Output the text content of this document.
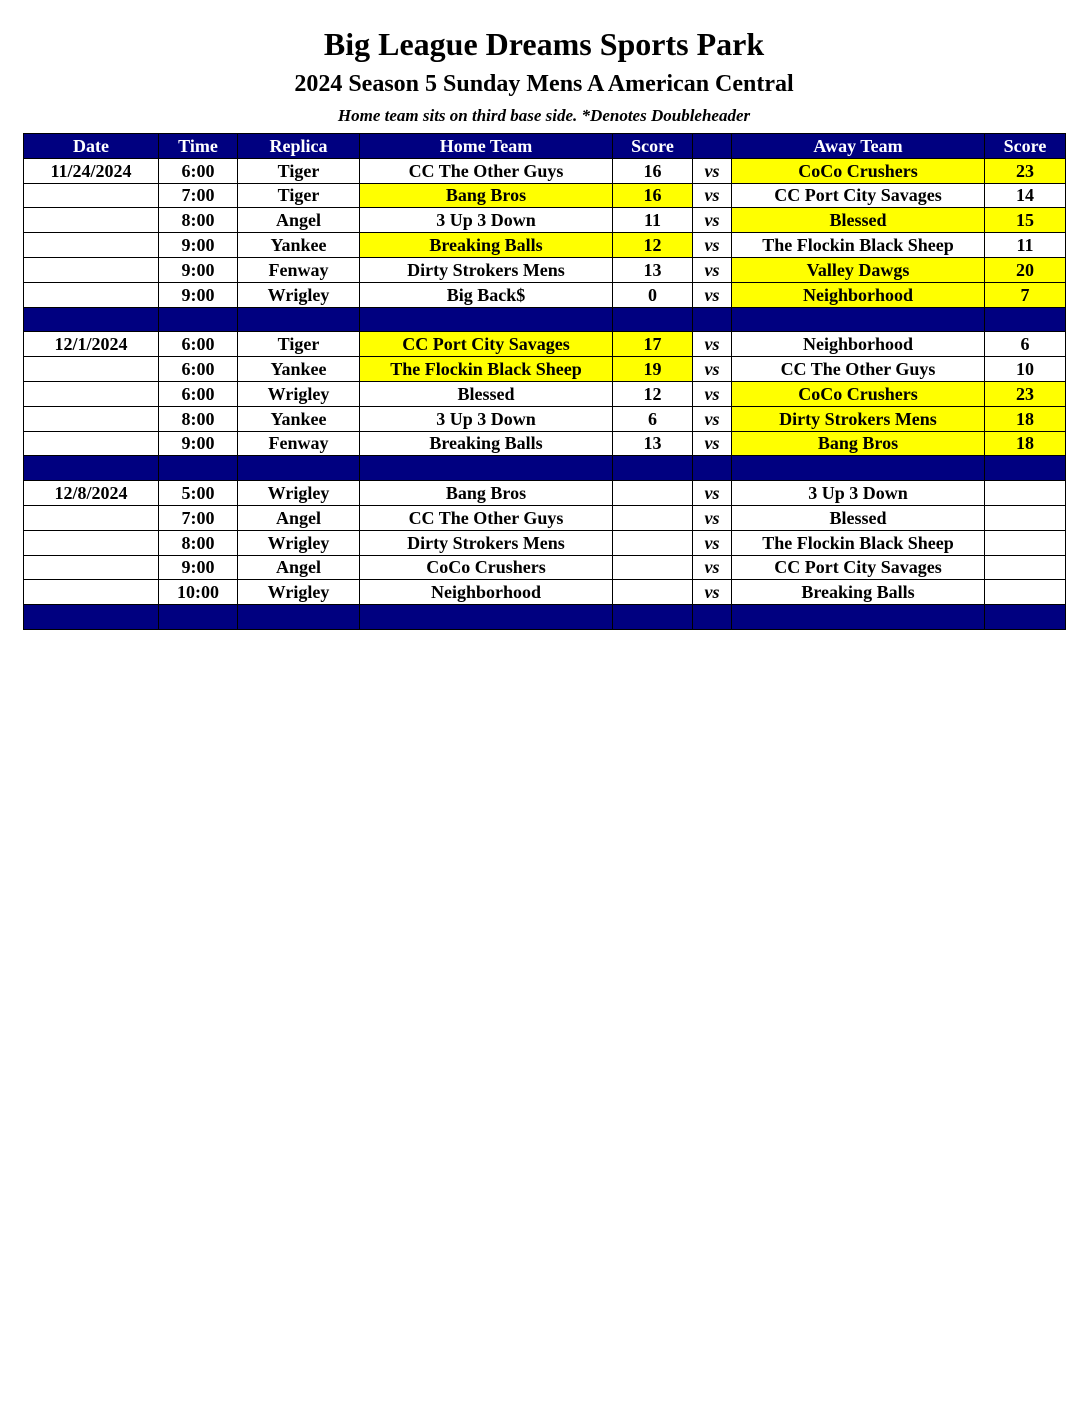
Big League Dreams Sports Park
2024 Season 5 Sunday Mens A American Central
Home team sits on third base side. *Denotes Doubleheader
Date	Time	Replica	Home Team	Score		Away Team	Score
11/24/2024	6:00	Tiger	CC The Other Guys	16	vs	CoCo Crushers	23
	7:00	Tiger	Bang Bros	16	vs	CC Port City Savages	14
	8:00	Angel	3 Up 3 Down	11	vs	Blessed	15
	9:00	Yankee	Breaking Balls	12	vs	The Flockin Black Sheep	11
	9:00	Fenway	Dirty Strokers Mens	13	vs	Valley Dawgs	20
	9:00	Wrigley	Big Back$	0	vs	Neighborhood	7

12/1/2024	6:00	Tiger	CC Port City Savages	17	vs	Neighborhood	6
	6:00	Yankee	The Flockin Black Sheep	19	vs	CC The Other Guys	10
	6:00	Wrigley	Blessed	12	vs	CoCo Crushers	23
	8:00	Yankee	3 Up 3 Down	6	vs	Dirty Strokers Mens	18
	9:00	Fenway	Breaking Balls	13	vs	Bang Bros	18

12/8/2024	5:00	Wrigley	Bang Bros		vs	3 Up 3 Down	
	7:00	Angel	CC The Other Guys		vs	Blessed	
	8:00	Wrigley	Dirty Strokers Mens		vs	The Flockin Black Sheep	
	9:00	Angel	CoCo Crushers		vs	CC Port City Savages	
	10:00	Wrigley	Neighborhood		vs	Breaking Balls	
